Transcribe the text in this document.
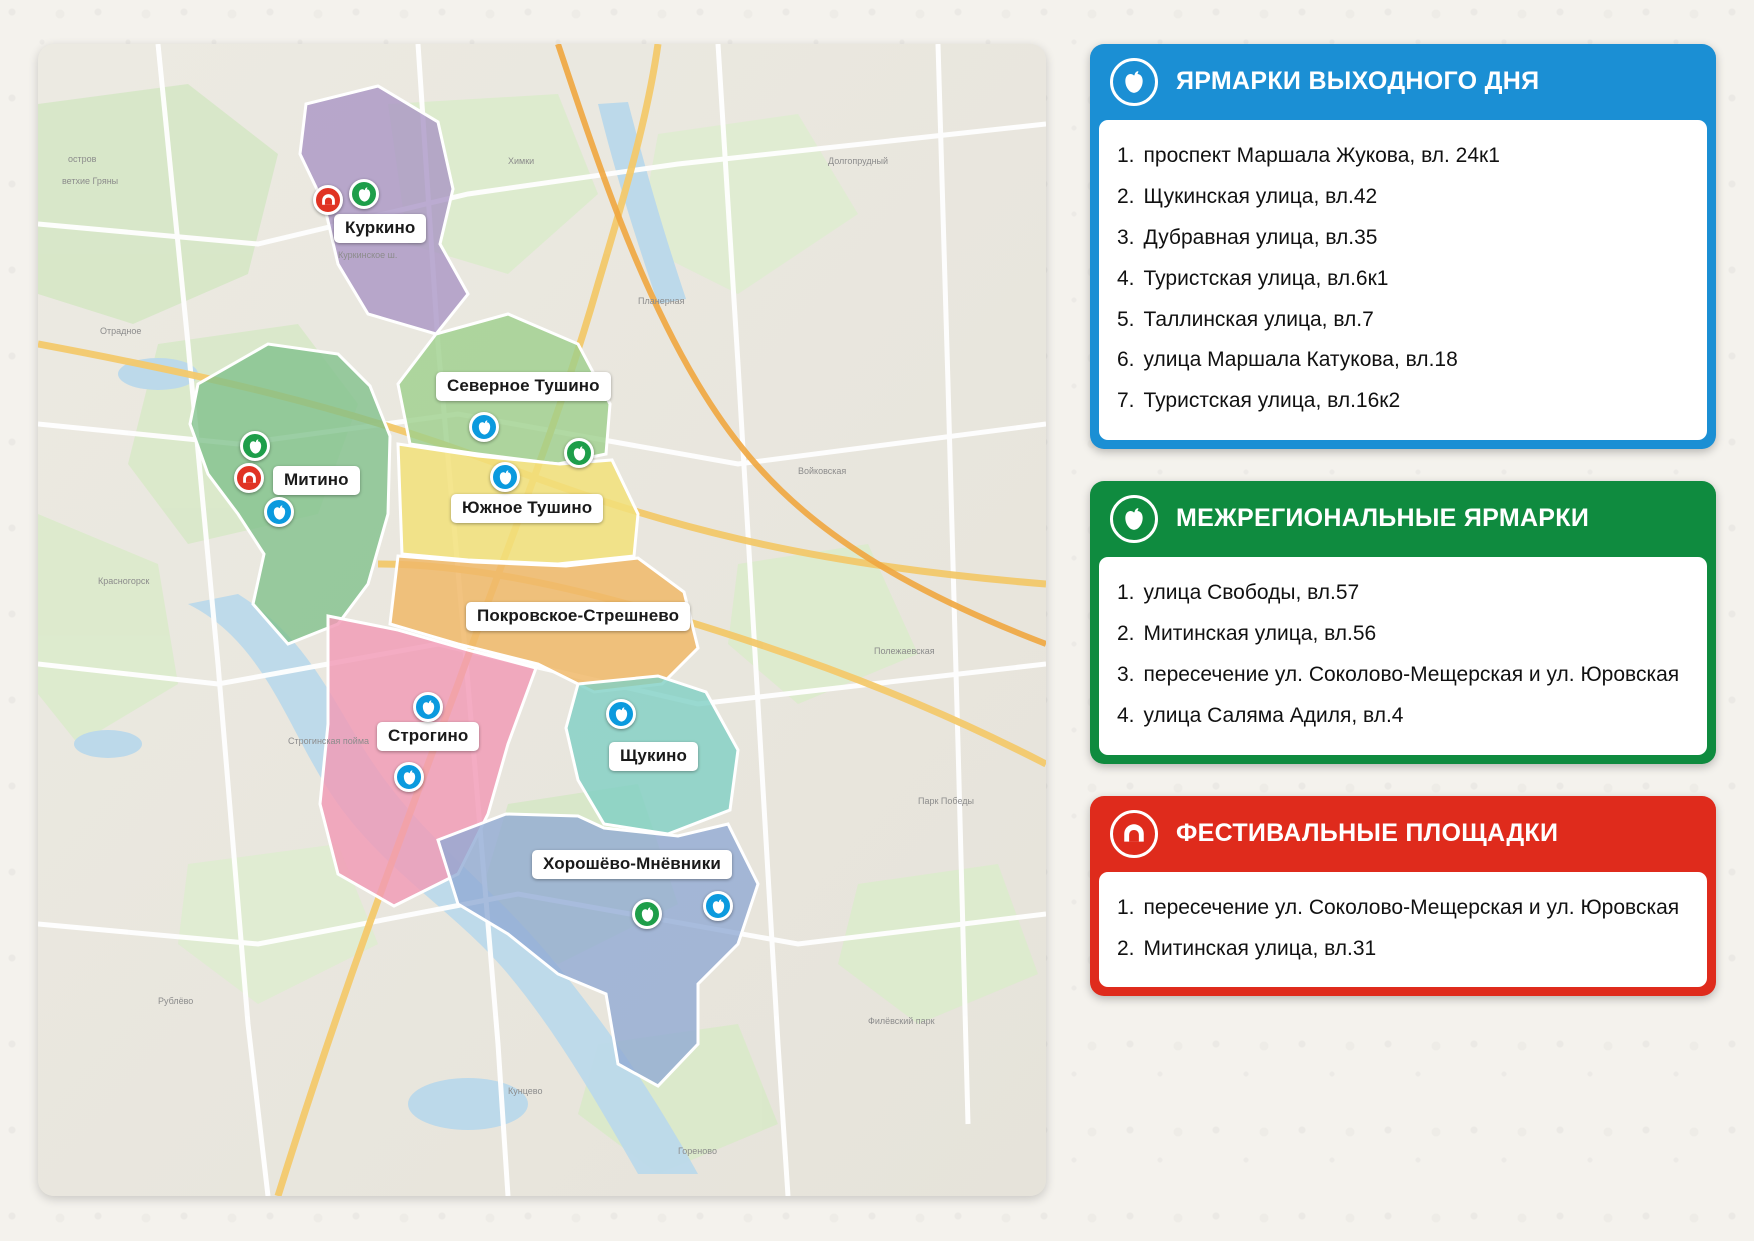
остров
ветхие Гряны
Отрадное
Красногорск
Куркинское ш.
Химки	Долгопрудный
Планерная
Войковская
Полежаевская
Парк Победы
Строгинская пойма
Кунцево
Гореново
Рублёво
Филёвский парк
Куркино
Северное Тушино
Южное Тушино
Митино
Покровское-Стрешнево
Строгино
Щукино
Хорошёво-Мнёвники
ЯРМАРКИ ВЫХОДНОГО ДНЯ
1. проспект Маршала Жукова, вл. 24к1
2. Щукинская улица, вл.42
3. Дубравная улица, вл.35
4. Туристская улица, вл.6к1
5. Таллинская улица, вл.7
6. улица Маршала Катукова, вл.18
7. Туристская улица, вл.16к2
МЕЖРЕГИОНАЛЬНЫЕ ЯРМАРКИ
1. улица Свободы, вл.57
2. Митинская улица, вл.56
3. пересечение ул. Соколово-Мещерская и ул. Юровская
4. улица Саляма Адиля, вл.4
ФЕСТИВАЛЬНЫЕ ПЛОЩАДКИ
1. пересечение ул. Соколово-Мещерская и ул. Юровская
2. Митинская улица, вл.31
